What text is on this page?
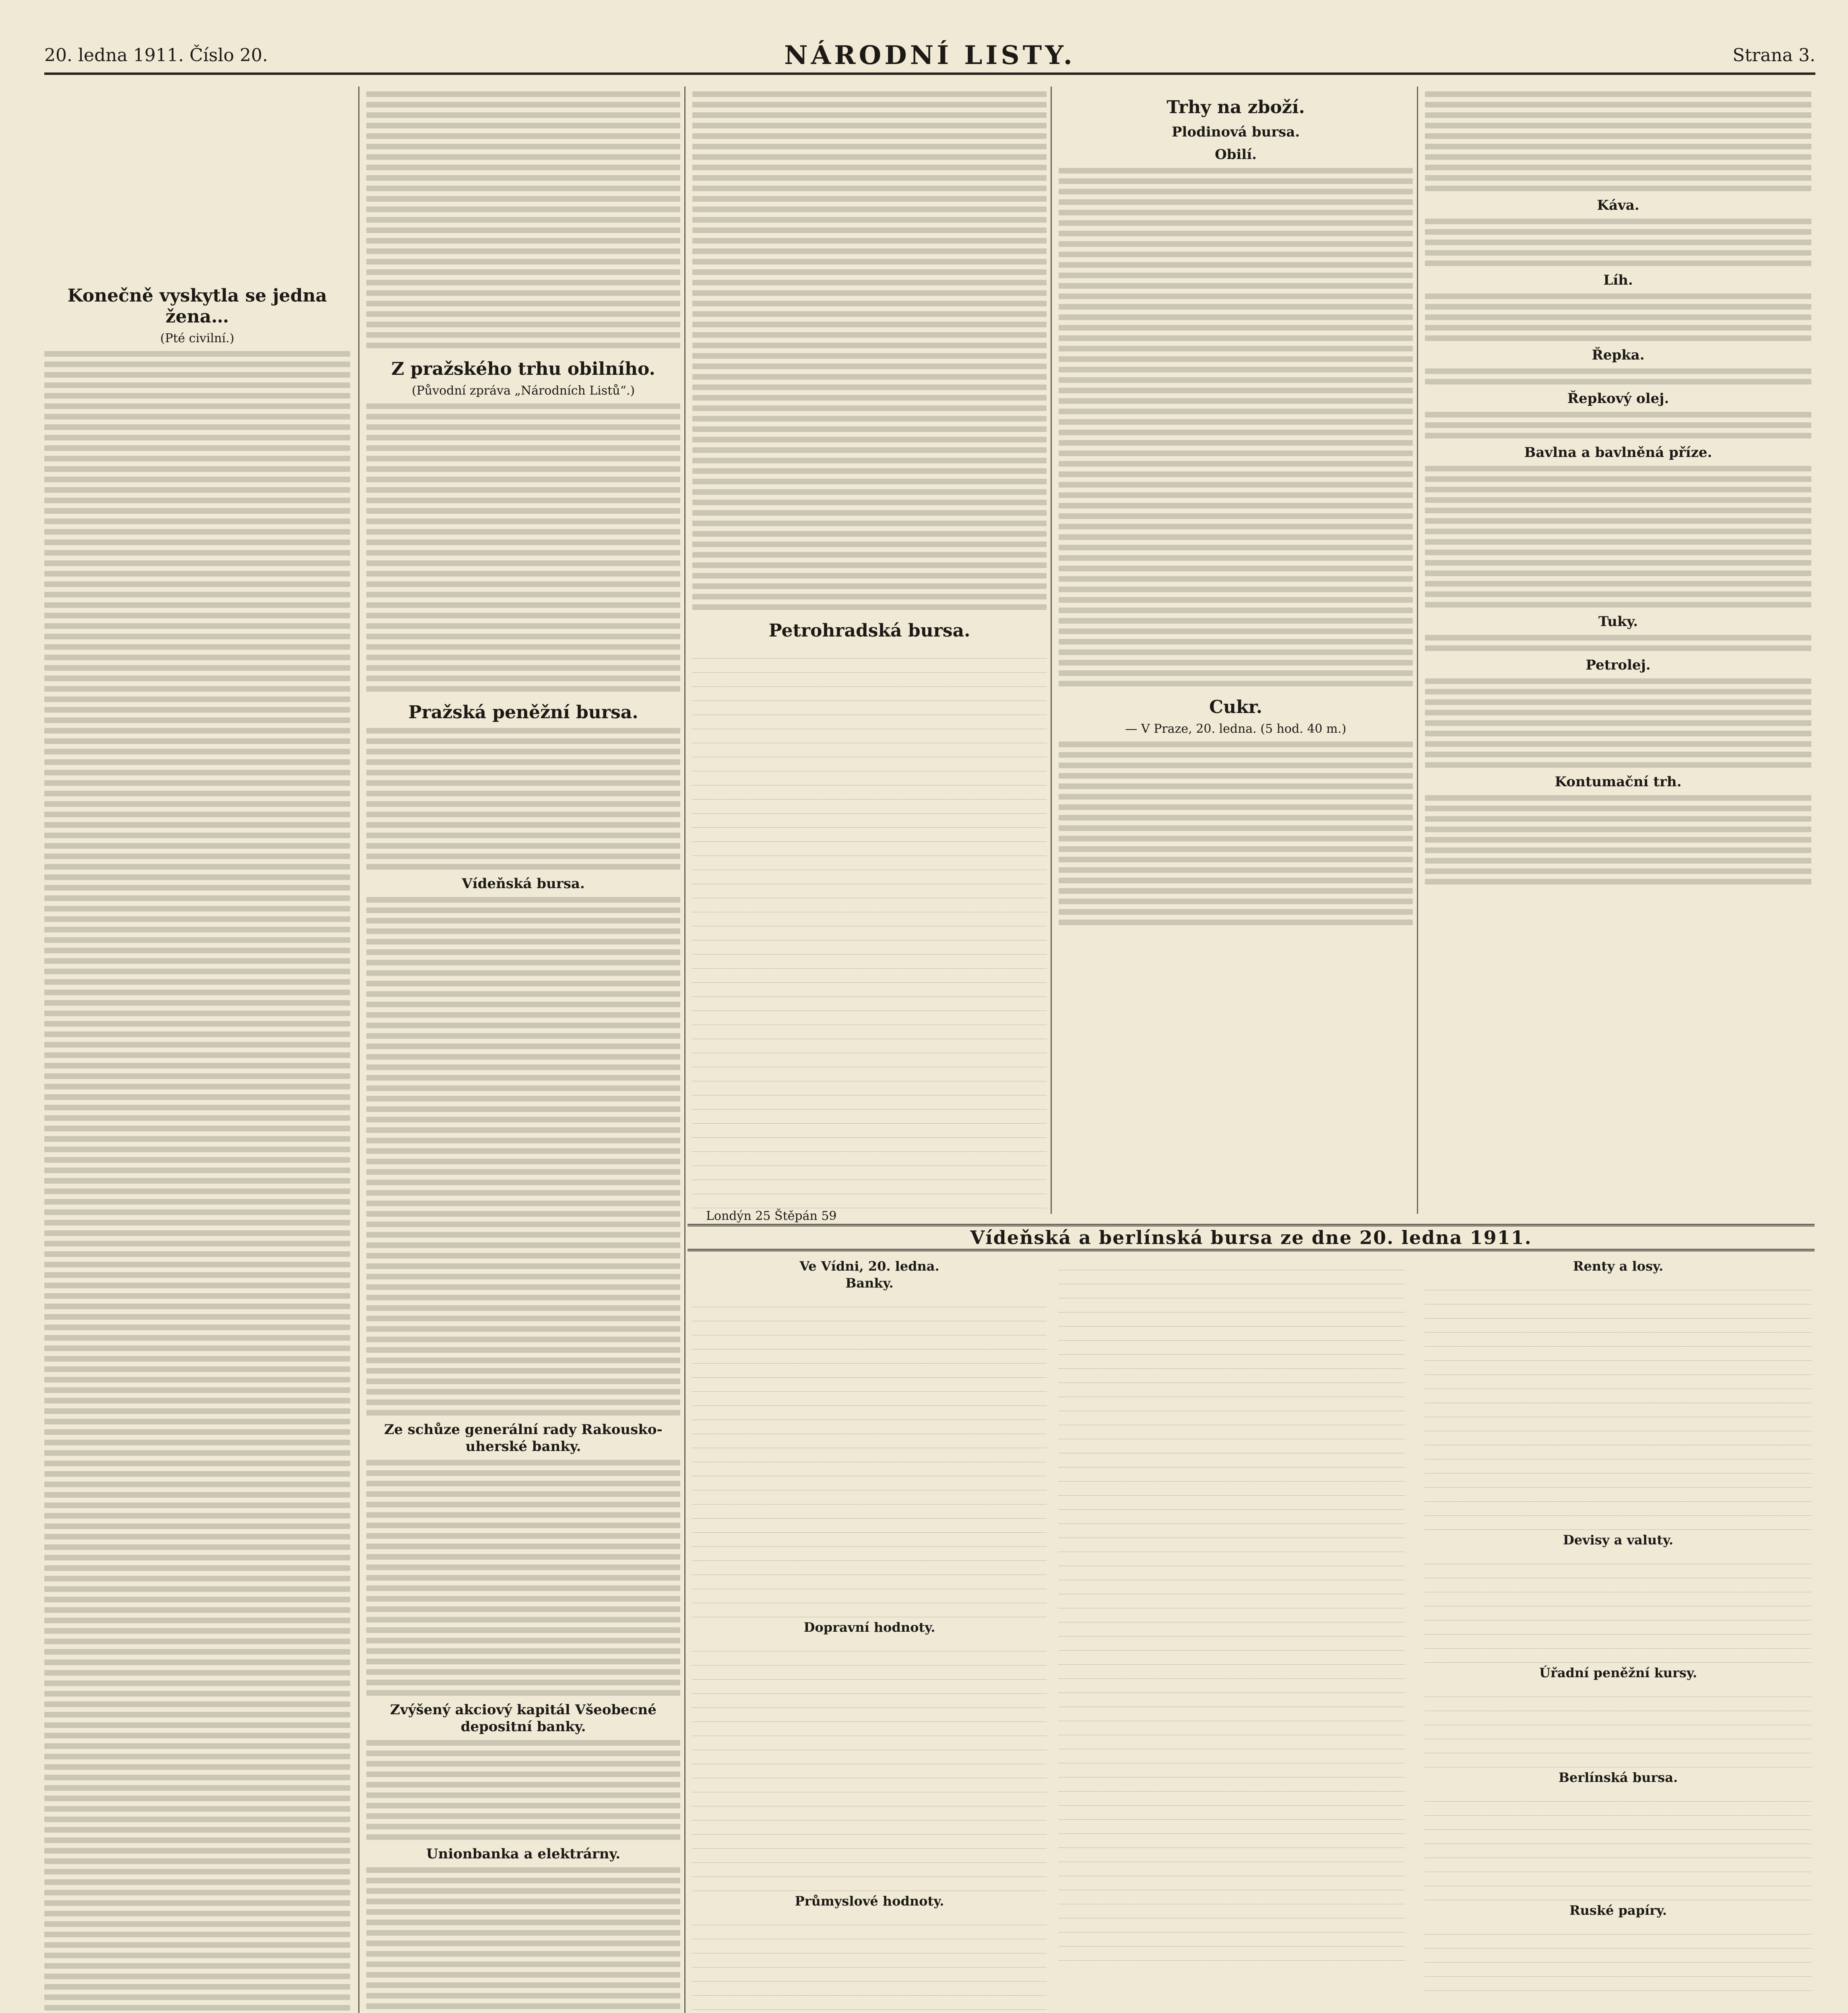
20. ledna 1911. Číslo 20.	NÁRODNÍ LISTY.	Strana 3.
Konečně vyskytla se jedna žena…
(Pté civilní.)

Z pražského trhu obilního.
(Původní zpráva „Národních Listů“.)
Pražská peněžní bursa.
Vídeňská bursa.
Ze schůze generální rady Rakousko-uherské banky.
Zvýšený akciový kapitál Všeobecné depositní banky.
Unionbanka a elektrárny.
Petrohradská bursa.

Londýn 25 Štěpán 59

Trhy na zboží.
Plodinová bursa.
Obilí.
Cukr.
— V Praze, 20. ledna. (5 hod. 40 m.)
Káva.
Líh.
Řepka.
Řepkový olej.
Bavlna a bavlněná příze.
Tuky.
Petrolej.
Kontumační trh.
Vídeňská a berlínská bursa ze dne 20. ledna 1911.
Ve Vídni, 20. ledna.
Banky.
Dopravní hodnoty.
Průmyslové hodnoty.
Renty a losy.
Devisy a valuty.
Úřadní peněžní kursy.
Berlínská bursa.
Ruské papíry.
